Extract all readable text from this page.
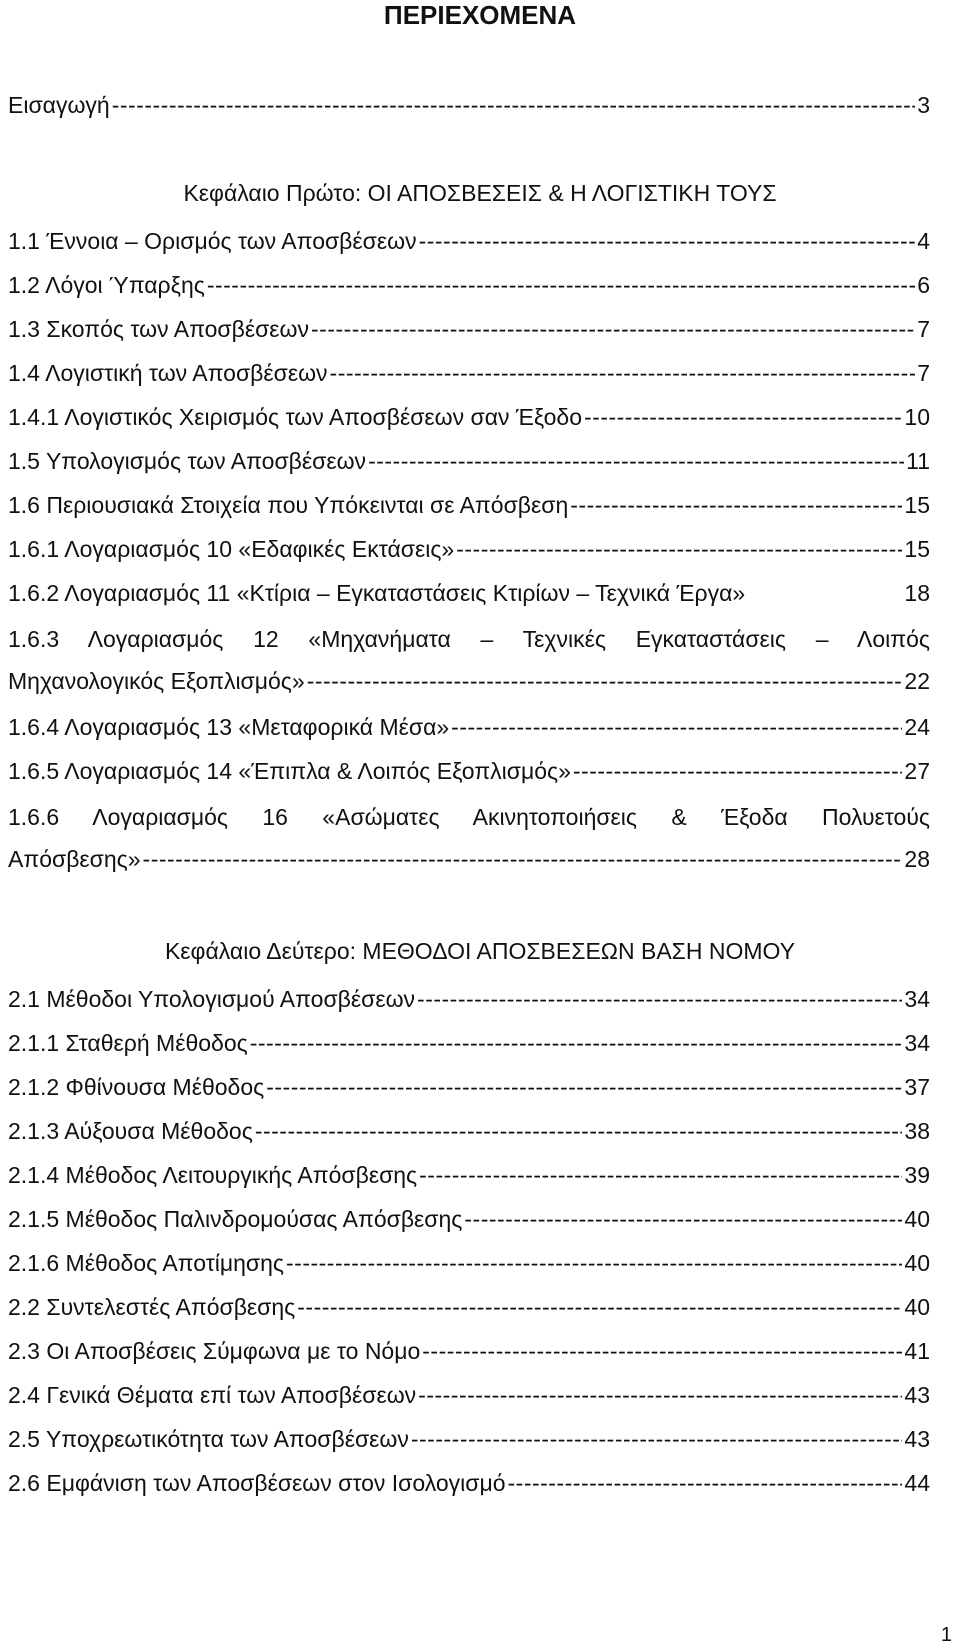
ΠΕΡΙΕΧΟΜΕΝΑ
Εισαγωγή -----	3
Κεφάλαιο Πρώτο: ΟΙ ΑΠΟΣΒΕΣΕΙΣ & Η ΛΟΓΙΣΤΙΚΗ ΤΟΥΣ
1.1 Έννοια – Ορισμός των Αποσβέσεων -----	4
1.2 Λόγοι Ύπαρξης -----	6
1.3 Σκοπός των Αποσβέσεων -----	7
1.4 Λογιστική των Αποσβέσεων -----	7
1.4.1 Λογιστικός Χειρισμός των Αποσβέσεων σαν Έξοδο -----	10
1.5 Υπολογισμός των Αποσβέσεων -----	11
1.6 Περιουσιακά Στοιχεία που Υπόκεινται σε Απόσβεση -----	15
1.6.1 Λογαριασμός 10 «Εδαφικές Εκτάσεις» -----	15
1.6.2 Λογαριασμός 11 «Κτίρια – Εγκαταστάσεις Κτιρίων – Τεχνικά Έργα»	18
1.6.3 Λογαριασμός 12 «Μηχανήματα – Τεχνικές Εγκαταστάσεις – Λοιπός
Μηχανολογικός Εξοπλισμός» -----	22
1.6.4 Λογαριασμός 13 «Μεταφορικά Μέσα» -----	24
1.6.5 Λογαριασμός 14 «Έπιπλα & Λοιπός Εξοπλισμός» -----	27
1.6.6 Λογαριασμός 16 «Ασώματες Ακινητοποιήσεις & Έξοδα Πολυετούς
Απόσβεσης» -----	28
Κεφάλαιο Δεύτερο: ΜΕΘΟΔΟΙ ΑΠΟΣΒΕΣΕΩΝ ΒΑΣΗ ΝΟΜΟΥ
2.1 Μέθοδοι Υπολογισμού Αποσβέσεων -----	34
2.1.1 Σταθερή Μέθοδος -----	34
2.1.2 Φθίνουσα Μέθοδος -----	37
2.1.3 Αύξουσα Μέθοδος -----	38
2.1.4 Μέθοδος Λειτουργικής Απόσβεσης -----	39
2.1.5 Μέθοδος Παλινδρομούσας Απόσβεσης -----	40
2.1.6 Μέθοδος Αποτίμησης -----	40
2.2 Συντελεστές Απόσβεσης -----	40
2.3 Οι Αποσβέσεις Σύμφωνα με το Νόμο -----	41
2.4 Γενικά Θέματα επί των Αποσβέσεων -----	43
2.5 Υποχρεωτικότητα των Αποσβέσεων -----	43
2.6 Εμφάνιση των Αποσβέσεων στον Ισολογισμό -----	44
1
